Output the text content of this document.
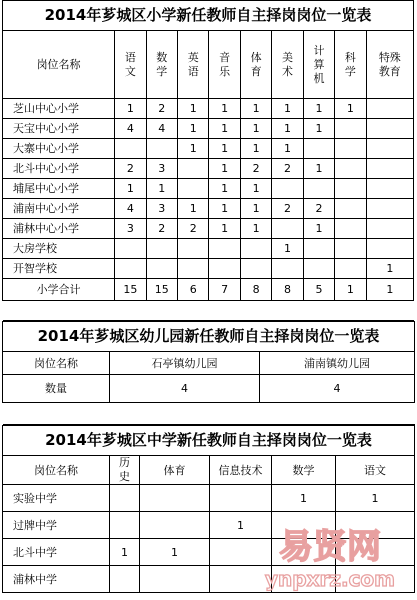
2014年芗城区小学新任教师自主择岗岗位一览表									
岗位名称	语文	数学	英语	音乐	体育	美术	计算机	科学	特殊教育
芝山中心小学	1	2	1	1	1	1	1	1	
天宝中心小学	4	4	1	1	1	1	1		
大寨中心小学			1	1	1	1			
北斗中心小学	2	3		1	2	2	1		
埔尾中心小学	1	1		1	1				
浦南中心小学	4	3	1	1	1	2	2		
浦林中心小学	3	2	2	1	1		1		
大房学校						1			
开智学校									1
小学合计	15	15	6	7	8	8	5	1	1

2014年芗城区幼儿园新任教师自主择岗岗位一览表		
岗位名称	石亭镇幼儿园	浦南镇幼儿园
数量	4	4

2014年芗城区中学新任教师自主择岗岗位一览表					
岗位名称	历史	体育	信息技术	数学	语文
实验中学				1	1
过牌中学			1		
北斗中学	1	1			
浦林中学					
易贤网
ynpxrz.com
